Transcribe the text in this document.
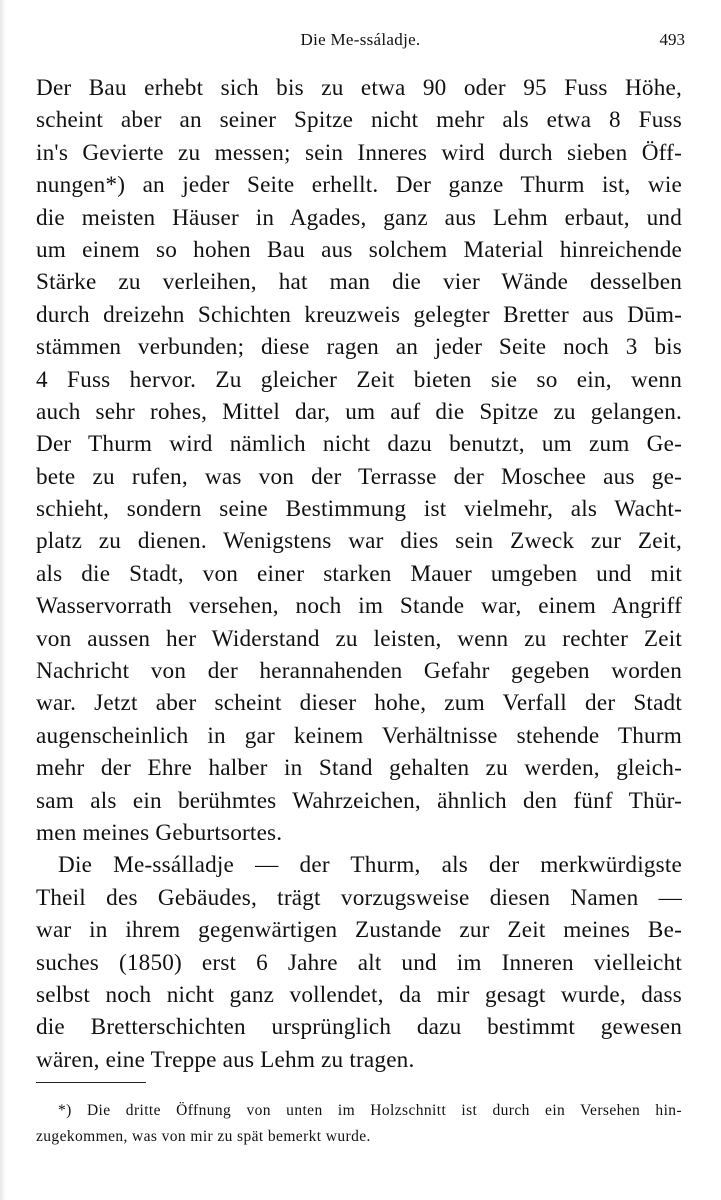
Die Me-ssáladje.	493
Der Bau erhebt sich bis zu etwa 90 oder 95 Fuss Höhe,
scheint aber an seiner Spitze nicht mehr als etwa 8 Fuss
in's Gevierte zu messen; sein Inneres wird durch sieben Öff-
nungen*) an jeder Seite erhellt. Der ganze Thurm ist, wie
die meisten Häuser in Agades, ganz aus Lehm erbaut, und
um einem so hohen Bau aus solchem Material hinreichende
Stärke zu verleihen, hat man die vier Wände desselben
durch dreizehn Schichten kreuzweis gelegter Bretter aus Dūm-
stämmen verbunden; diese ragen an jeder Seite noch 3 bis
4 Fuss hervor. Zu gleicher Zeit bieten sie so ein, wenn
auch sehr rohes, Mittel dar, um auf die Spitze zu gelangen.
Der Thurm wird nämlich nicht dazu benutzt, um zum Ge-
bete zu rufen, was von der Terrasse der Moschee aus ge-
schieht, sondern seine Bestimmung ist vielmehr, als Wacht-
platz zu dienen. Wenigstens war dies sein Zweck zur Zeit,
als die Stadt, von einer starken Mauer umgeben und mit
Wasservorrath versehen, noch im Stande war, einem Angriff
von aussen her Widerstand zu leisten, wenn zu rechter Zeit
Nachricht von der herannahenden Gefahr gegeben worden
war. Jetzt aber scheint dieser hohe, zum Verfall der Stadt
augenscheinlich in gar keinem Verhältnisse stehende Thurm
mehr der Ehre halber in Stand gehalten zu werden, gleich-
sam als ein berühmtes Wahrzeichen, ähnlich den fünf Thür-
men meines Geburtsortes.
Die Me-ssálladje — der Thurm, als der merkwürdigste
Theil des Gebäudes, trägt vorzugsweise diesen Namen —
war in ihrem gegenwärtigen Zustande zur Zeit meines Be-
suches (1850) erst 6 Jahre alt und im Inneren vielleicht
selbst noch nicht ganz vollendet, da mir gesagt wurde, dass
die Bretterschichten ursprünglich dazu bestimmt gewesen
wären, eine Treppe aus Lehm zu tragen.
*) Die dritte Öffnung von unten im Holzschnitt ist durch ein Versehen hin-
zugekommen, was von mir zu spät bemerkt wurde.
